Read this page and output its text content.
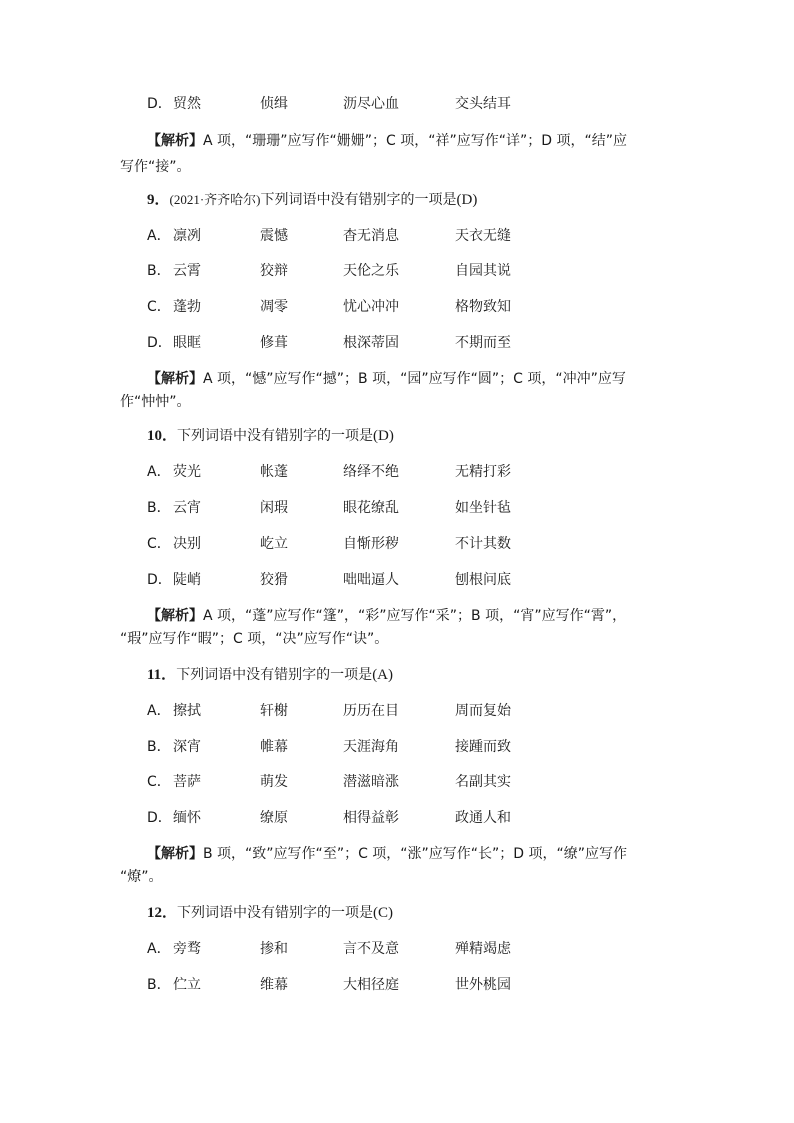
D． 贸然	侦缉	沥尽心血	交头结耳
【解析】A 项，“珊珊”应写作“姗姗”；C 项，“祥”应写作“详”；D 项，“结”应
写作“接”。
9．(2021·齐齐哈尔)下列词语中没有错别字的一项是(D)
A． 凛冽	震憾	杳无消息	天衣无缝
B． 云霄	狡辩	天伦之乐	自园其说
C． 蓬勃	凋零	忧心冲冲	格物致知
D． 眼眶	修葺	根深蒂固	不期而至
【解析】A 项，“憾”应写作“撼”；B 项，“园”应写作“圆”；C 项，“冲冲”应写
作“忡忡”。
10．下列词语中没有错别字的一项是(D)
A． 荧光	帐蓬	络绎不绝	无精打彩
B． 云宵	闲瑕	眼花缭乱	如坐针毡
C． 决别	屹立	自惭形秽	不计其数
D． 陡峭	狡猾	咄咄逼人	刨根问底
【解析】A 项，“蓬”应写作“篷”，“彩”应写作“采”；B 项，“宵”应写作“霄”，
“瑕”应写作“暇”；C 项，“决”应写作“诀”。
11．下列词语中没有错别字的一项是(A)
A． 擦拭	轩榭	历历在目	周而复始
B． 深宵	帷幕	天涯海角	接踵而致
C． 菩萨	萌发	潜滋暗涨	名副其实
D． 缅怀	缭原	相得益彰	政通人和
【解析】B 项，“致”应写作“至”；C 项，“涨”应写作“长”；D 项，“缭”应写作
“燎”。
12．下列词语中没有错别字的一项是(C)
A． 旁骛	掺和	言不及意	殚精竭虑
B． 伫立	维幕	大相径庭	世外桃园
